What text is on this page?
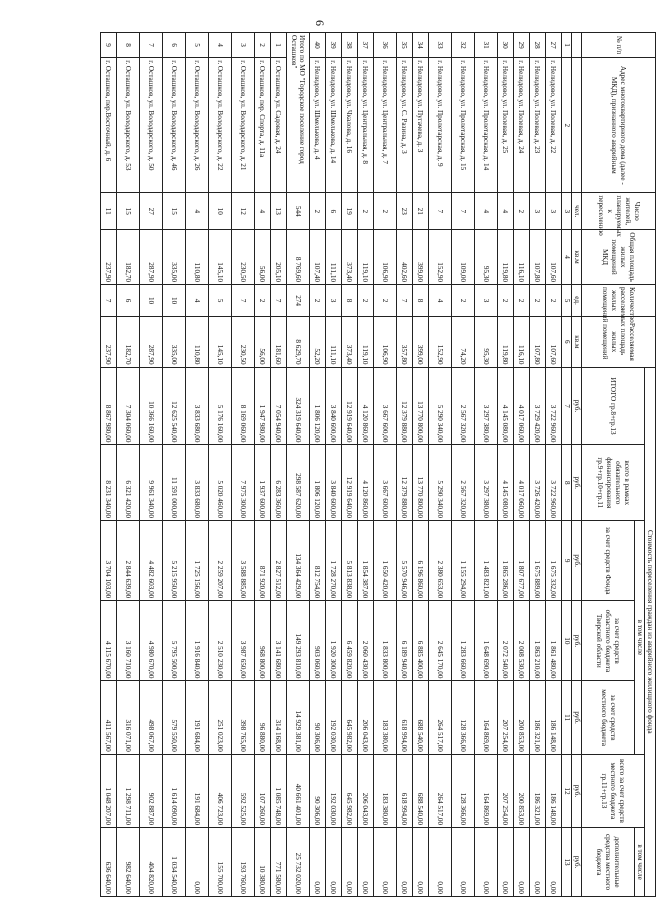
6
№ п/п	Адрес многоквартирного дома (далее - МКД), признанного аварийным	Число жителей, планируемых к переселению	Общая площадь жилых помещений МКД	Количество расселяемых жилых помещений	Расселяемая площадь жилых помещений	Стоимость переселения граждан из аварийного жилищного фонда						
						ИТОГО гр.8+гр.13	всего в рамках обязательного финансирования гр.9+гр.10+гр.11	в том числе			всего за счет средств местного бюджета гр.11+гр.13	в том числе
								за счет средств Фонда	за счет средств областного бюджета Тверской области	за счет средств местного бюджета		дополнительные средства местного бюджета
		чел.	кв.м	ед.	кв.м	руб.	руб.	руб.	руб.	руб.	руб.	руб.
1	2	3	4	5	6	7	8	9	10	11	12	13
27	г. Нелидово, ул. Полевая, д. 22	3	107,60	2	107,60	3 722 960,00	3 722 960,00	1 675 332,00	1 861 480,00	186 148,00	186 148,00	0,00
28	г. Нелидово, ул. Полевая, д. 23	3	107,80	2	107,80	3 729 420,00	3 726 420,00	1 675 889,00	1 863 210,00	186 321,00	186 321,00	0,00
29	г. Нелидово, ул. Полевая, д. 24	2	116,10	2	116,10	4 017 060,00	4 017 060,00	1 807 677,00	2 008 530,00	200 853,00	200 853,00	0,00
30	г. Нелидово, ул. Полевая, д. 25	4	119,80	2	119,80	4 145 080,00	4 145 080,00	1 865 286,00	2 072 540,00	207 254,00	207 254,00	0,00
31	г. Нелидово, ул. Пролетарская, д. 14	4	95,30	3	95,30	3 297 380,00	3 297 380,00	1 483 821,00	1 648 690,00	164 869,00	164 869,00	0,00
32	г. Нелидово, ул. Пролетарская, д. 15	7	109,00	2	74,20	2 567 320,00	2 567 320,00	1 155 294,00	1 283 660,00	128 366,00	128 366,00	0,00
33	г. Нелидово, ул. Пролетарская, д. 9	7	152,90	4	152,90	5 290 340,00	5 290 340,00	2 380 653,00	2 645 170,00	264 517,00	264 517,00	0,00
34	г. Нелидово, ул. Пугачева, д. 3	21	399,00	8	399,00	13 770 800,00	13 770 800,00	6 196 860,00	6 885 400,00	688 540,00	688 540,00	0,00
35	г. Нелидово, ул. С. Разина, д. 3	23	402,60	7	357,80	12 379 880,00	12 379 880,00	5 570 946,00	6 189 940,00	618 994,00	618 994,00	0,00
36	г. Нелидово, ул. Центральная, д. 7	2	106,90	2	106,90	3 667 600,00	3 667 600,00	1 650 420,00	1 833 800,00	183 380,00	183 380,00	0,00
37	г. Нелидово, ул. Центральная, д. 8	2	119,10	2	119,10	4 120 860,00	4 120 860,00	1 854 387,00	2 060 430,00	206 043,00	206 043,00	0,00
38	г. Нелидово, ул. Чкалова, д. 16	19	373,40	8	373,40	12 919 640,00	12 919 640,00	5 813 838,00	6 459 820,00	645 982,00	645 982,00	0,00
39	г. Нелидово, ул. Шмелькова, д. 14	6	111,10	3	111,10	3 840 600,00	3 840 600,00	1 728 270,00	1 920 300,00	192 030,00	192 030,00	0,00
40	г. Нелидово, ул. Шмелькова, д. 4	2	107,40	2	52,20	1 806 120,00	1 806 120,00	812 754,00	903 060,00	90 306,00	90 306,00	0,00
Итого по МО "Городское поселение город Осташков"		544	8 769,60	274	8 629,70	324 319 640,00	298 587 620,00	134 364 429,00	149 293 810,00	14 929 381,00	40 661 401,00	25 732 020,00
1	г. Осташков, ул. Садовая, д. 24	13	205,10	7	181,60	7 054 940,00	6 283 360,00	2 827 512,00	3 141 680,00	314 168,00	1 085 748,00	771 580,00
2	г. Осташков, пер. Спорта, д. 11а	4	56,00	2	56,00	1 947 980,00	1 937 600,00	871 920,00	968 800,00	96 880,00	107 260,00	10 380,00
3	г. Осташков, ул. Володарского, д. 21	12	230,50	7	230,50	8 169 060,00	7 975 300,00	3 588 885,00	3 987 650,00	398 765,00	592 525,00	193 760,00
4	г. Осташков, ул. Володарского, д. 22	10	145,10	5	145,10	5 176 160,00	5 020 460,00	2 259 207,00	2 510 230,00	251 023,00	406 723,00	155 700,00
5	г. Осташков, ул. Володарского, д. 26	4	110,80	4	110,80	3 833 680,00	3 833 680,00	1 725 156,00	1 916 840,00	191 684,00	191 684,00	0,00
6	г. Осташков, ул. Володарского, д. 46	15	335,00	10	335,00	12 625 540,00	11 591 000,00	5 215 950,00	5 795 500,00	579 550,00	1 614 090,00	1 034 540,00
7	г. Осташков, ул. Володарского, д. 50	27	287,90	10	287,90	10 366 160,00	9 961 340,00	4 482 603,00	4 980 670,00	498 067,00	902 887,00	404 820,00
8	г. Осташков, ул. Володарского, д. 53	15	182,70	6	182,70	7 304 060,00	6 321 420,00	2 844 639,00	3 160 710,00	316 071,00	1 298 711,00	982 640,00
9	г. Осташков, пер.Восточный, д. 6	11	237,90	7	237,90	8 867 980,00	8 231 340,00	3 704 103,00	4 115 670,00	411 567,00	1 048 207,00	636 640,00
